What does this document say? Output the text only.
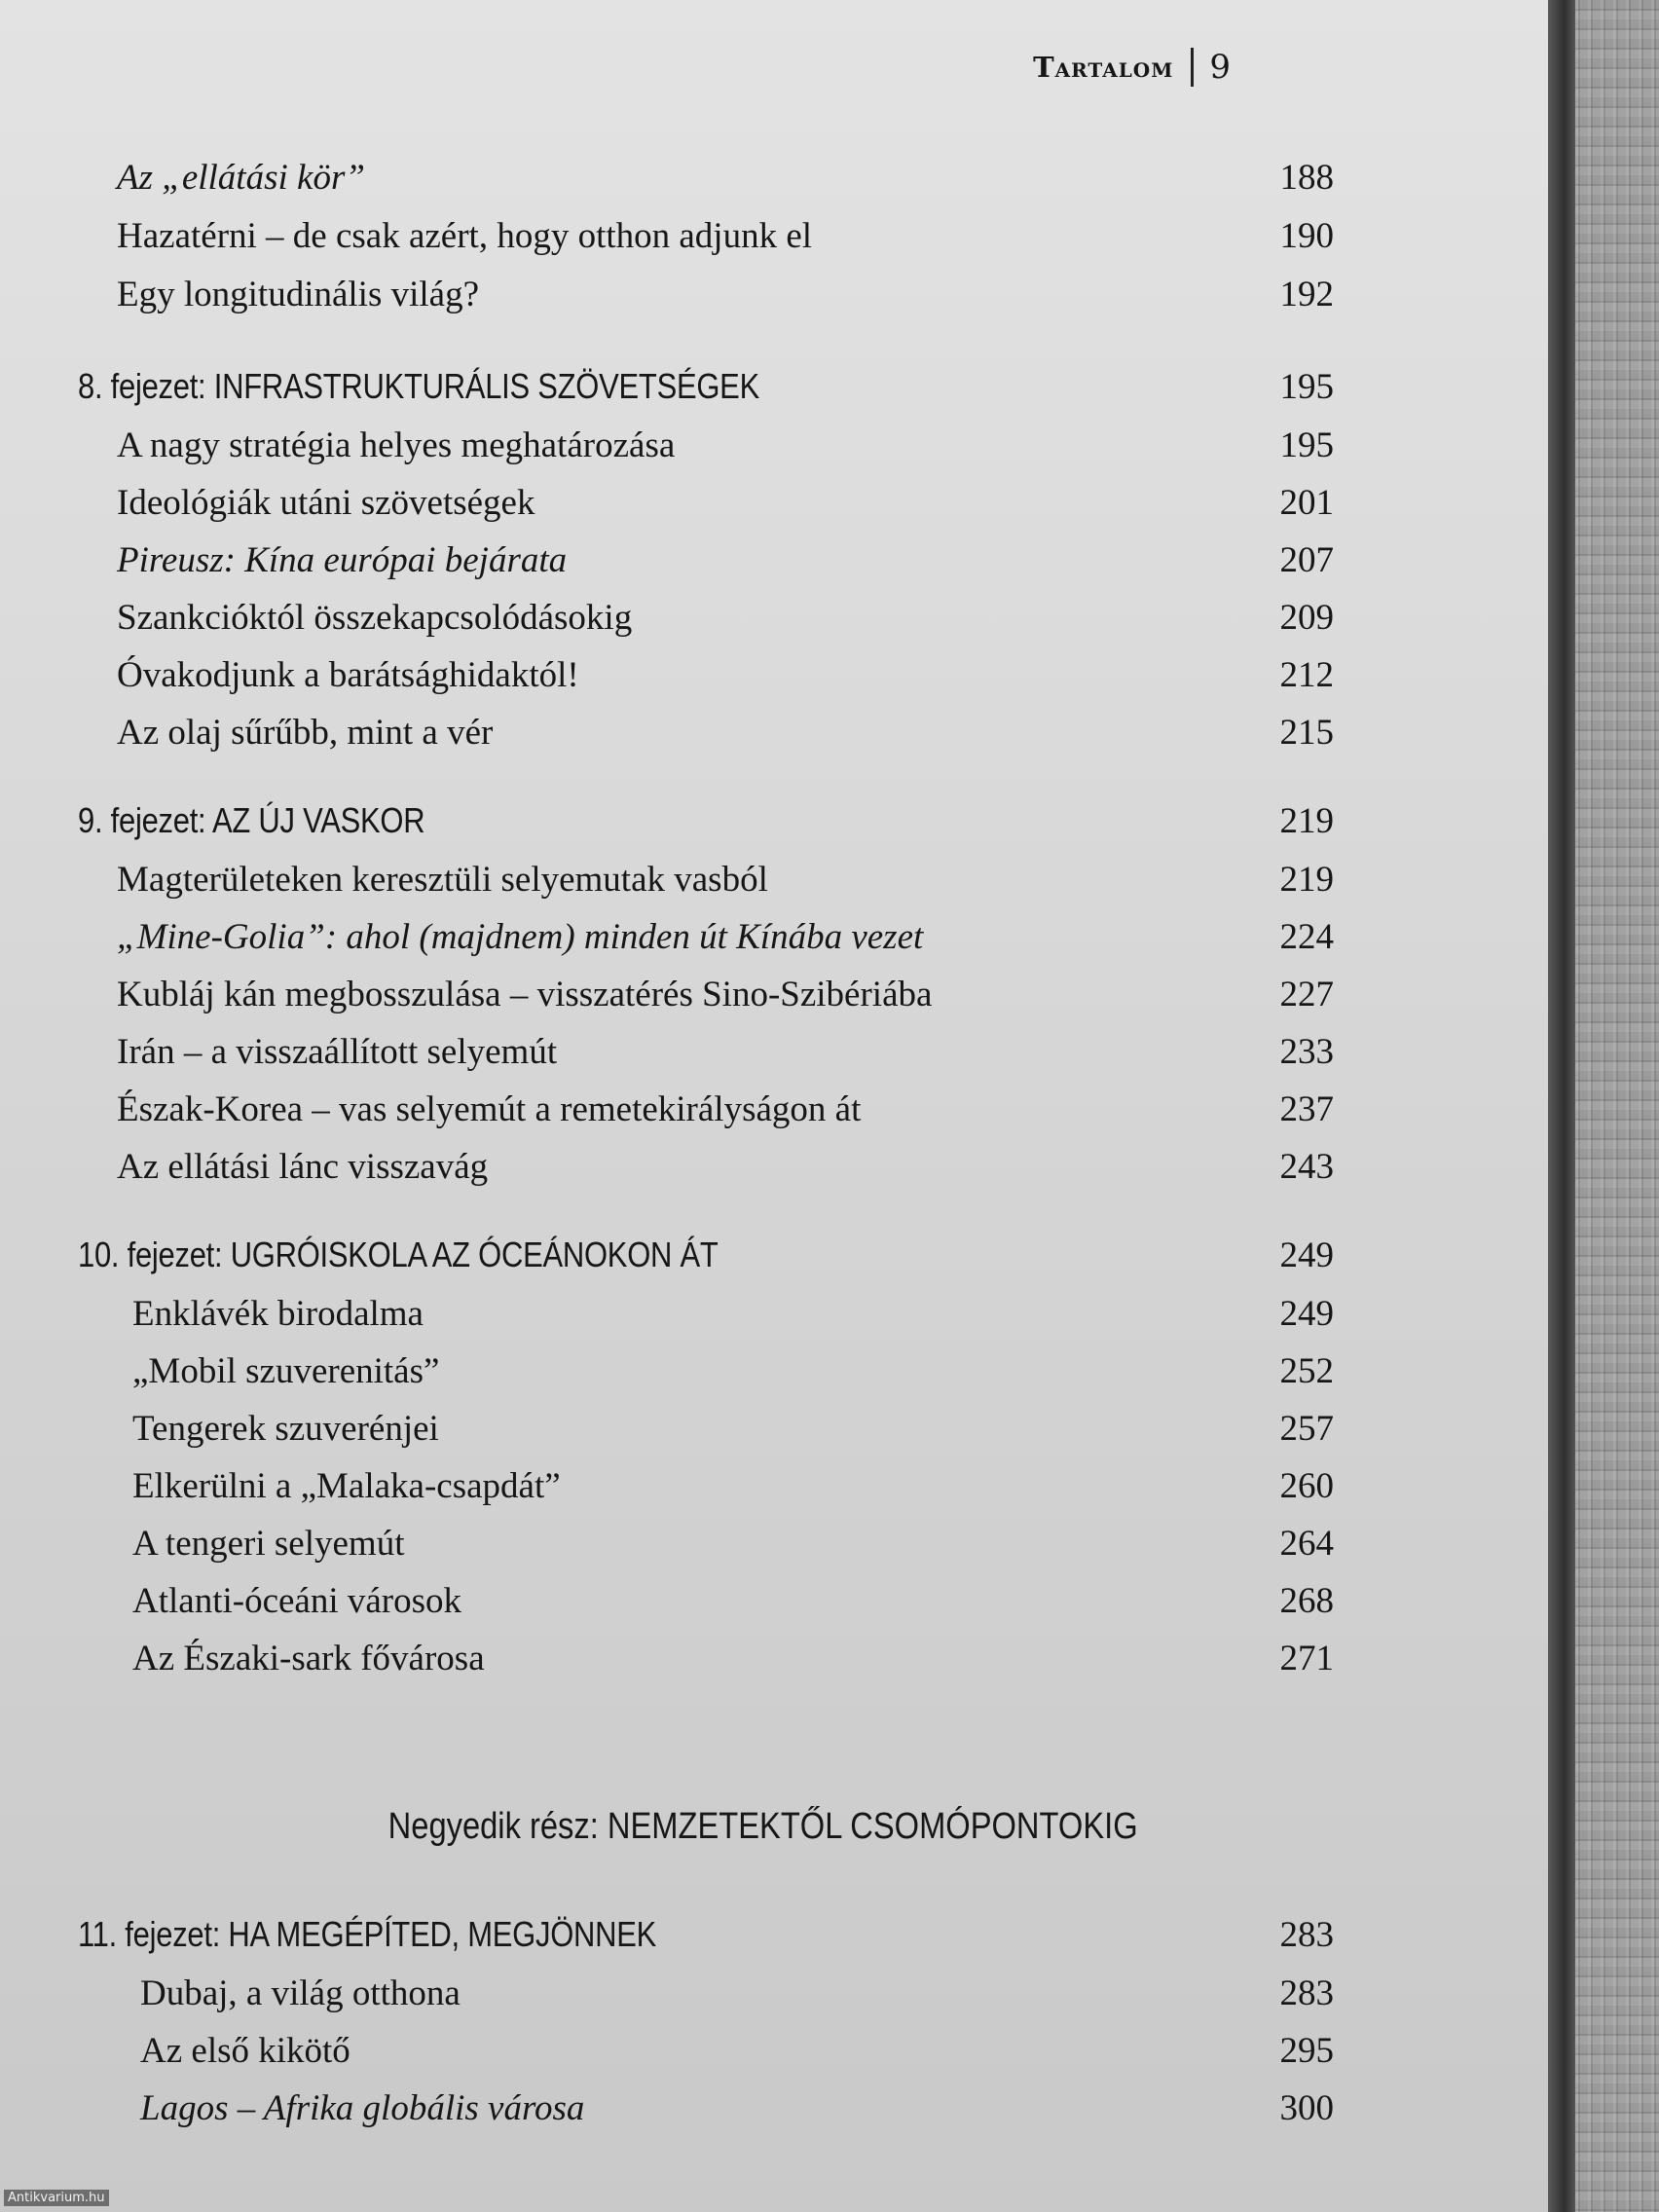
Tartalom 9
Az „ellátási kör”	188
Hazatérni – de csak azért, hogy otthon adjunk el	190
Egy longitudinális világ?	192
8. fejezet: INFRASTRUKTURÁLIS SZÖVETSÉGEK	195
A nagy stratégia helyes meghatározása	195
Ideológiák utáni szövetségek	201
Pireusz: Kína európai bejárata	207
Szankcióktól összekapcsolódásokig	209
Óvakodjunk a barátsághidaktól!	212
Az olaj sűrűbb, mint a vér	215
9. fejezet: AZ ÚJ VASKOR	219
Magterületeken keresztüli selyemutak vasból	219
„Mine-Golia”: ahol (majdnem) minden út Kínába vezet	224
Kubláj kán megbosszulása – visszatérés Sino-Szibériába	227
Irán – a visszaállított selyemút	233
Észak-Korea – vas selyemút a remetekirályságon át	237
Az ellátási lánc visszavág	243
10. fejezet: UGRÓISKOLA AZ ÓCEÁNOKON ÁT	249
Enklávék birodalma	249
„Mobil szuverenitás”	252
Tengerek szuverénjei	257
Elkerülni a „Malaka-csapdát”	260
A tengeri selyemút	264
Atlanti-óceáni városok	268
Az Északi-sark fővárosa	271
11. fejezet: HA MEGÉPÍTED, MEGJÖNNEK	283
Dubaj, a világ otthona	283
Az első kikötő	295
Lagos – Afrika globális városa	300
Negyedik rész: NEMZETEKTŐL CSOMÓPONTOKIG
Antikvarium.hu
